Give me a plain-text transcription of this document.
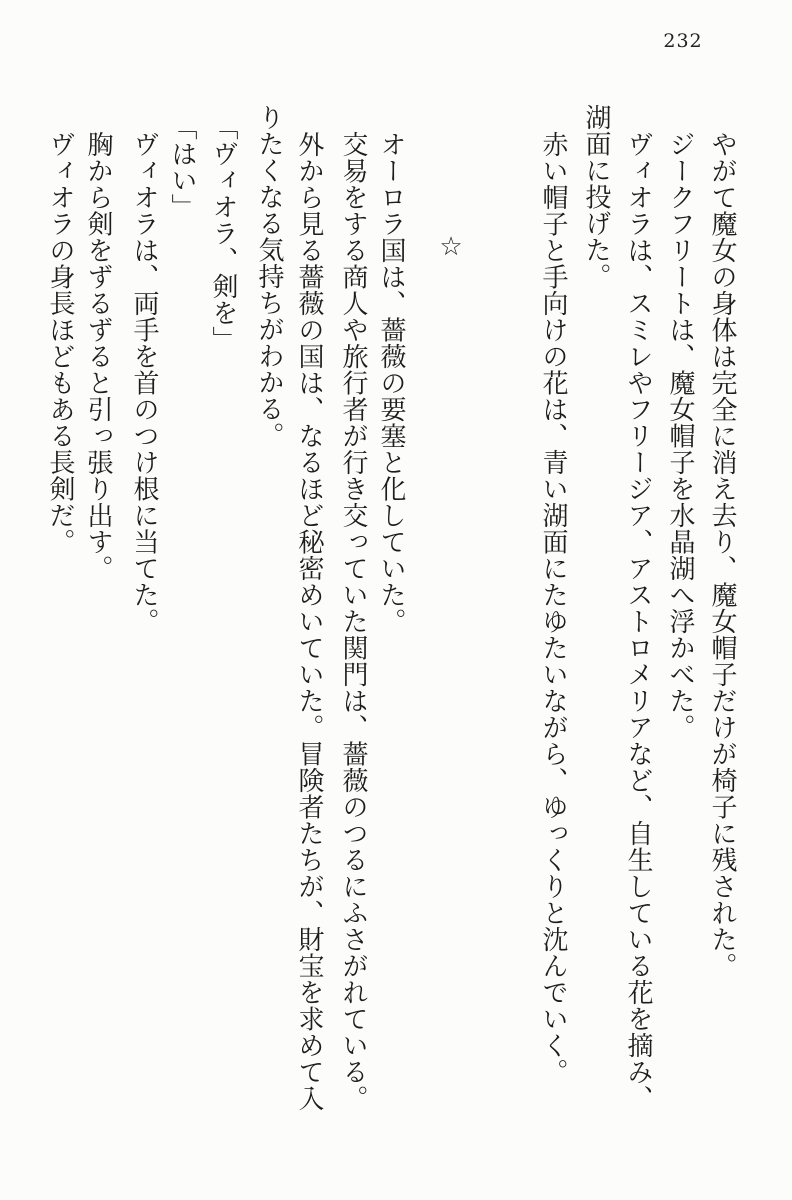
232
やがて魔女の身体は完全に消え去り、魔女帽子だけが椅子に残された。
ジークフリートは、魔女帽子を水晶湖へ浮かべた。
ヴィオラは、スミレやフリージア、アストロメリアなど、自生している花を摘み、
湖面に投げた。
赤い帽子と手向けの花は、青い湖面にたゆたいながら、ゆっくりと沈んでいく。
☆
オーロラ国は、薔薇の要塞と化していた。
交易をする商人や旅行者が行き交っていた関門は、薔薇のつるにふさがれている。
外から見る薔薇の国は、なるほど秘密めいていた。冒険者たちが、財宝を求めて入
りたくなる気持ちがわかる。
「ヴィオラ、剣を」
「はい」
ヴィオラは、両手を首のつけ根に当てた。
胸から剣をずるずると引っ張り出す。
ヴィオラの身長ほどもある長剣だ。
